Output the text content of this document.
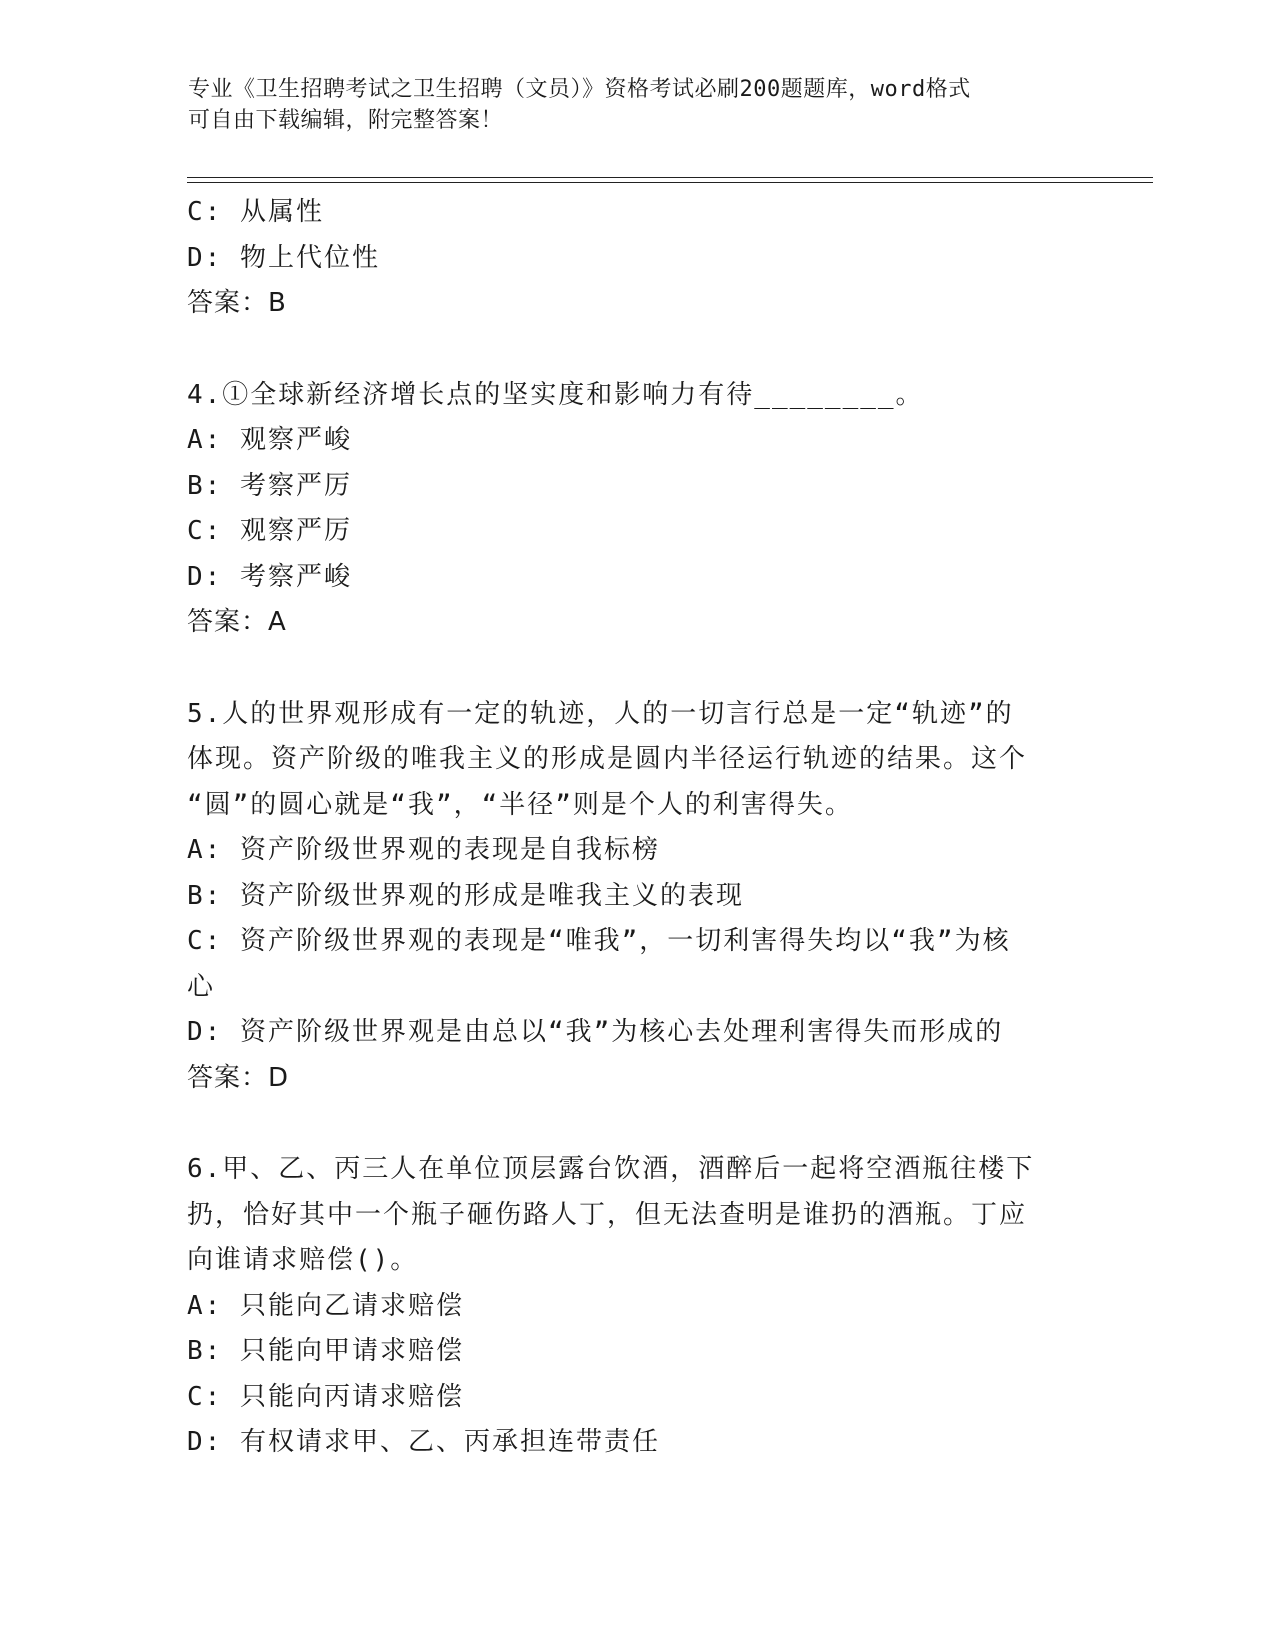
专业《卫生招聘考试之卫生招聘（文员）》资格考试必刷200题题库，word格式
可自由下载编辑，附完整答案！
C: 从属性
D: 物上代位性
答案：B
4.①全球新经济增长点的坚实度和影响力有待________。
A: 观察严峻
B: 考察严厉
C: 观察严厉
D: 考察严峻
答案：A
5.人的世界观形成有一定的轨迹，人的一切言行总是一定“轨迹”的
体现。资产阶级的唯我主义的形成是圆内半径运行轨迹的结果。这个
“圆”的圆心就是“我”，“半径”则是个人的利害得失。
A: 资产阶级世界观的表现是自我标榜
B: 资产阶级世界观的形成是唯我主义的表现
C: 资产阶级世界观的表现是“唯我”，一切利害得失均以“我”为核
心
D: 资产阶级世界观是由总以“我”为核心去处理利害得失而形成的
答案：D
6.甲、乙、丙三人在单位顶层露台饮酒，酒醉后一起将空酒瓶往楼下
扔，恰好其中一个瓶子砸伤路人丁，但无法查明是谁扔的酒瓶。丁应
向谁请求赔偿()。
A: 只能向乙请求赔偿
B: 只能向甲请求赔偿
C: 只能向丙请求赔偿
D: 有权请求甲、乙、丙承担连带责任
